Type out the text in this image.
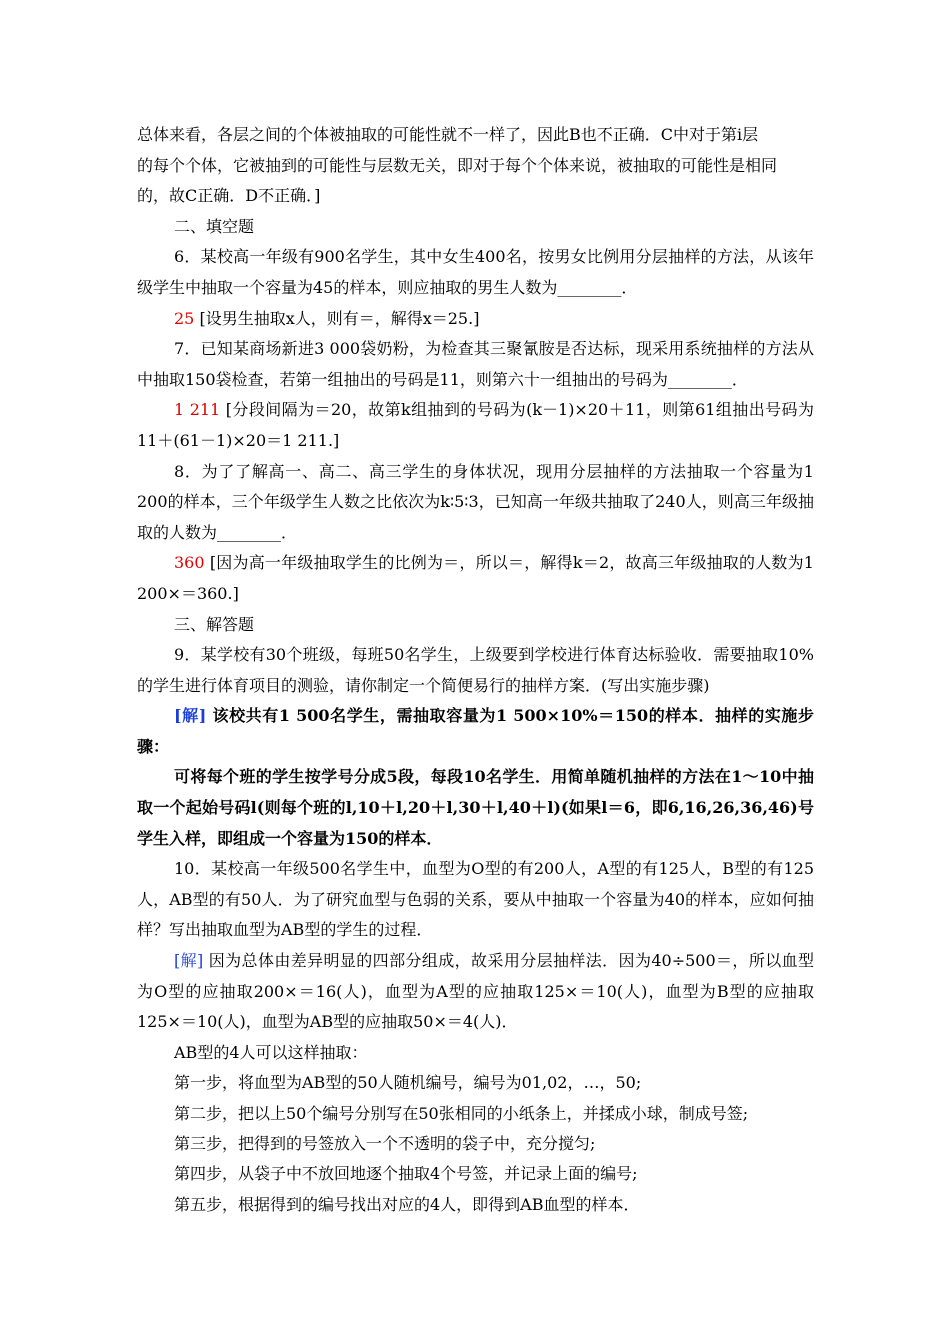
总体来看，各层之间的个体被抽取的可能性就不一样了，因此B也不正确．C中对于第i层

的每个个体，它被抽到的可能性与层数无关，即对于每个个体来说，被抽取的可能性是相同

的，故C正确．D不正确．]

二、填空题

6．某校高一年级有900名学生，其中女生400名，按男女比例用分层抽样的方法，从该年级学生中抽取一个容量为45的样本，则应抽取的男生人数为________．

25 [设男生抽取x人，则有＝，解得x＝25.]

7．已知某商场新进3 000袋奶粉，为检查其三聚氰胺是否达标，现采用系统抽样的方法从中抽取150袋检查，若第一组抽出的号码是11，则第六十一组抽出的号码为________．

1 211 [分段间隔为＝20，故第k组抽到的号码为(k－1)×20＋11，则第61组抽出号码为11＋(61－1)×20＝1 211.]

8．为了了解高一、高二、高三学生的身体状况，现用分层抽样的方法抽取一个容量为1 200的样本，三个年级学生人数之比依次为k∶5∶3，已知高一年级共抽取了240人，则高三年级抽取的人数为________．

360 [因为高一年级抽取学生的比例为＝，所以＝，解得k＝2，故高三年级抽取的人数为1 200×＝360.]

三、解答题

9．某学校有30个班级，每班50名学生，上级要到学校进行体育达标验收．需要抽取10%的学生进行体育项目的测验，请你制定一个简便易行的抽样方案．(写出实施步骤)

[解] 该校共有1 500名学生，需抽取容量为1 500×10%＝150的样本．抽样的实施步骤：

可将每个班的学生按学号分成5段，每段10名学生．用简单随机抽样的方法在1～10中抽取一个起始号码l(则每个班的l,10＋l,20＋l,30＋l,40＋l)(如果l＝6，即6,16,26,36,46)号学生入样，即组成一个容量为150的样本．

10．某校高一年级500名学生中，血型为O型的有200人，A型的有125人，B型的有125人，AB型的有50人．为了研究血型与色弱的关系，要从中抽取一个容量为40的样本，应如何抽样？写出抽取血型为AB型的学生的过程．

[解] 因为总体由差异明显的四部分组成，故采用分层抽样法．因为40÷500＝，所以血型为O型的应抽取200×＝16(人)，血型为A型的应抽取125×＝10(人)，血型为B型的应抽取125×＝10(人)，血型为AB型的应抽取50×＝4(人)．

AB型的4人可以这样抽取：

第一步，将血型为AB型的50人随机编号，编号为01,02，…，50;

第二步，把以上50个编号分别写在50张相同的小纸条上，并揉成小球，制成号签;

第三步，把得到的号签放入一个不透明的袋子中，充分搅匀;

第四步，从袋子中不放回地逐个抽取4个号签，并记录上面的编号;

第五步，根据得到的编号找出对应的4人，即得到AB血型的样本．
